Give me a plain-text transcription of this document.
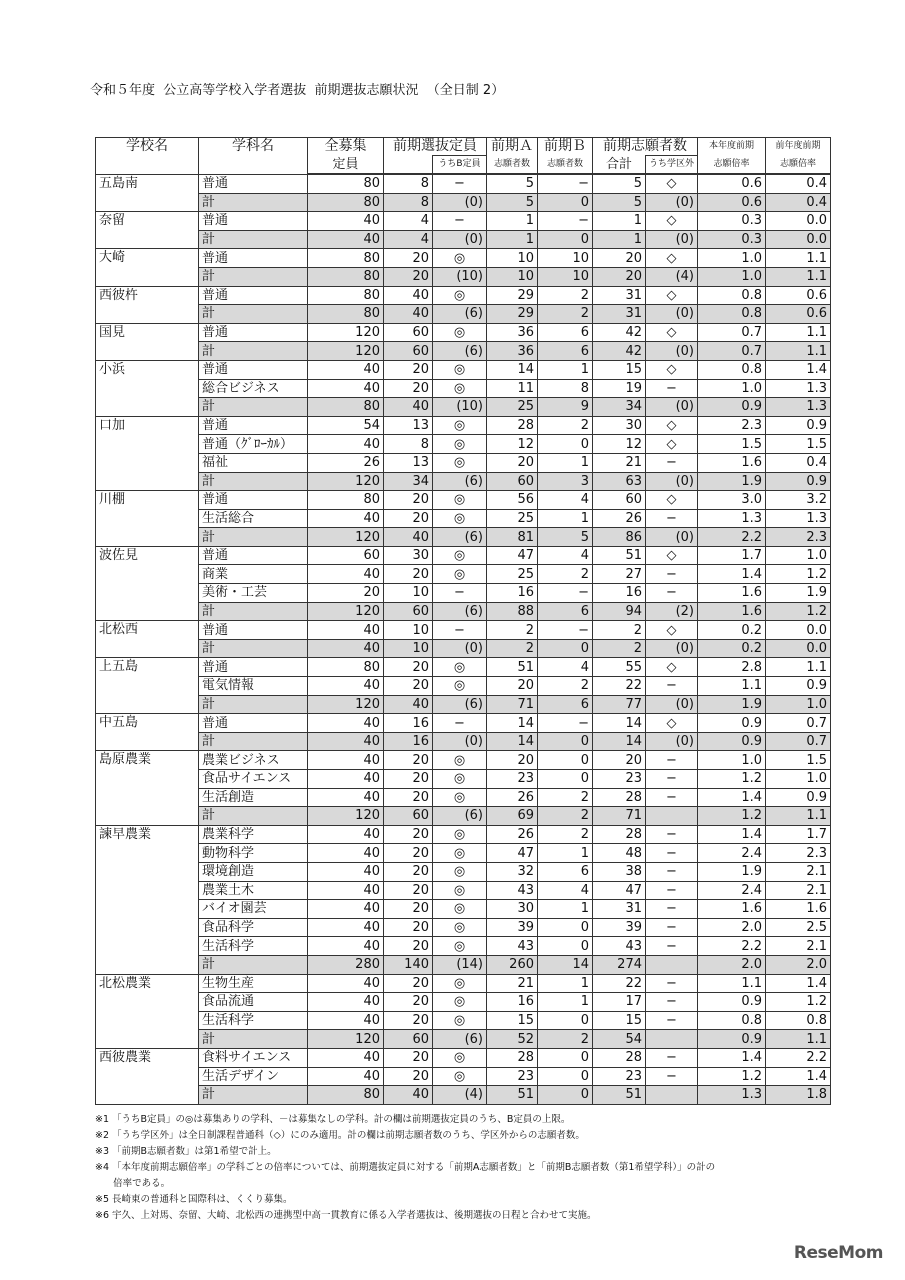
令和５年度  公立高等学校入学者選抜  前期選抜志願状況  （全日制 2）
学校名	学科名	全募集	前期選抜定員		前期Ａ	前期Ｂ	前期志願者数		本年度前期	前年度前期
		定員		うちB定員	志願者数	志願者数	合計	うち学区外	志願倍率	志願倍率
五島南	普通	80	8	−	5	−	5	◇	0.6	0.4
	計	80	8	(0)	5	0	5	(0)	0.6	0.4
奈留	普通	40	4	−	1	−	1	◇	0.3	0.0
	計	40	4	(0)	1	0	1	(0)	0.3	0.0
大崎	普通	80	20	◎	10	10	20	◇	1.0	1.1
	計	80	20	(10)	10	10	20	(4)	1.0	1.1
西彼杵	普通	80	40	◎	29	2	31	◇	0.8	0.6
	計	80	40	(6)	29	2	31	(0)	0.8	0.6
国見	普通	120	60	◎	36	6	42	◇	0.7	1.1
	計	120	60	(6)	36	6	42	(0)	0.7	1.1
小浜	普通	40	20	◎	14	1	15	◇	0.8	1.4
	総合ビジネス	40	20	◎	11	8	19	−	1.0	1.3
	計	80	40	(10)	25	9	34	(0)	0.9	1.3
口加	普通	54	13	◎	28	2	30	◇	2.3	0.9
	普通（ｸﾞﾛｰｶﾙ）	40	8	◎	12	0	12	◇	1.5	1.5
	福祉	26	13	◎	20	1	21	−	1.6	0.4
	計	120	34	(6)	60	3	63	(0)	1.9	0.9
川棚	普通	80	20	◎	56	4	60	◇	3.0	3.2
	生活総合	40	20	◎	25	1	26	−	1.3	1.3
	計	120	40	(6)	81	5	86	(0)	2.2	2.3
波佐見	普通	60	30	◎	47	4	51	◇	1.7	1.0
	商業	40	20	◎	25	2	27	−	1.4	1.2
	美術・工芸	20	10	−	16	−	16	−	1.6	1.9
	計	120	60	(6)	88	6	94	(2)	1.6	1.2
北松西	普通	40	10	−	2	−	2	◇	0.2	0.0
	計	40	10	(0)	2	0	2	(0)	0.2	0.0
上五島	普通	80	20	◎	51	4	55	◇	2.8	1.1
	電気情報	40	20	◎	20	2	22	−	1.1	0.9
	計	120	40	(6)	71	6	77	(0)	1.9	1.0
中五島	普通	40	16	−	14	−	14	◇	0.9	0.7
	計	40	16	(0)	14	0	14	(0)	0.9	0.7
島原農業	農業ビジネス	40	20	◎	20	0	20	−	1.0	1.5
	食品サイエンス	40	20	◎	23	0	23	−	1.2	1.0
	生活創造	40	20	◎	26	2	28	−	1.4	0.9
	計	120	60	(6)	69	2	71		1.2	1.1
諫早農業	農業科学	40	20	◎	26	2	28	−	1.4	1.7
	動物科学	40	20	◎	47	1	48	−	2.4	2.3
	環境創造	40	20	◎	32	6	38	−	1.9	2.1
	農業土木	40	20	◎	43	4	47	−	2.4	2.1
	バイオ園芸	40	20	◎	30	1	31	−	1.6	1.6
	食品科学	40	20	◎	39	0	39	−	2.0	2.5
	生活科学	40	20	◎	43	0	43	−	2.2	2.1
	計	280	140	(14)	260	14	274		2.0	2.0
北松農業	生物生産	40	20	◎	21	1	22	−	1.1	1.4
	食品流通	40	20	◎	16	1	17	−	0.9	1.2
	生活科学	40	20	◎	15	0	15	−	0.8	0.8
	計	120	60	(6)	52	2	54		0.9	1.1
西彼農業	食料サイエンス	40	20	◎	28	0	28	−	1.4	2.2
	生活デザイン	40	20	◎	23	0	23	−	1.2	1.4
	計	80	40	(4)	51	0	51		1.3	1.8
※1 「うちB定員」の◎は募集ありの学科、－は募集なしの学科。計の欄は前期選抜定員のうち、B定員の上限。
※2 「うち学区外」は全日制課程普通科（◇）にのみ適用。計の欄は前期志願者数のうち、学区外からの志願者数。
※3 「前期B志願者数」は第1希望で計上。
※4 「本年度前期志願倍率」の学科ごとの倍率については、前期選抜定員に対する「前期A志願者数」と「前期B志願者数（第1希望学科）」の計の
倍率である。
※5 長崎東の普通科と国際科は、くくり募集。
※6 宇久、上対馬、奈留、大崎、北松西の連携型中高一貫教育に係る入学者選抜は、後期選抜の日程と合わせて実施。
ReseMom
